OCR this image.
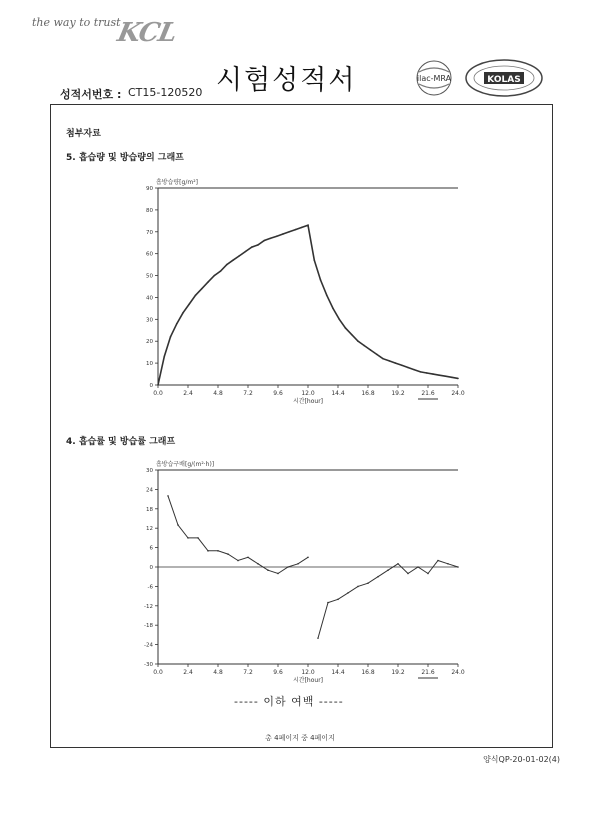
the way to trust
KCL
시험성적서
성적서번호 : CT15-120520
ilac-MRA	KOLAS
첨부자료
5. 흡습량 및 방습량의 그래프
4. 흡습률 및 방습률 그래프
흡방습량[g/m²]
0.0	2.4	4.8	7.2	9.6	12.0	14.4	16.8	19.2	21.6	24.0
0
10
20
30
40
50
60
70
80
90
시간[hour]
흡방습구배[g/(m²·h)]
0.0	2.4	4.8	7.2	9.6	12.0	14.4	16.8	19.2	21.6	24.0
30
24
18
12
6
0
-6
-12
-18
-24
-30
시간[hour]
----- 이하 여백 -----
총 4페이지 중 4페이지
양식QP-20-01-02(4)
